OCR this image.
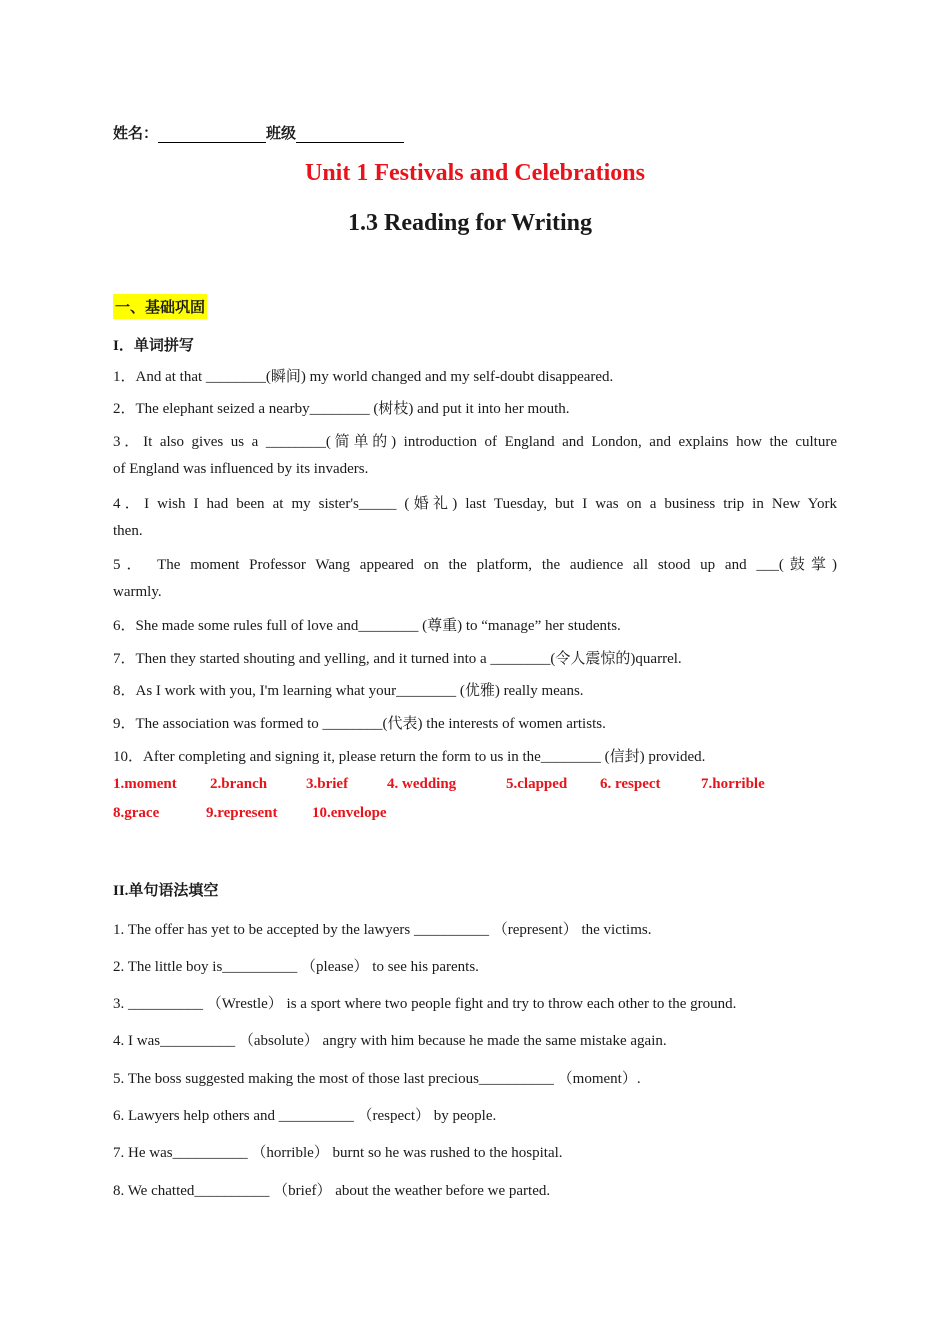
姓名：	班级
Unit 1 Festivals and Celebrations
1.3 Reading for Writing
一、基础巩固
I．单词拼写
1．And at that ________(瞬间) my world changed and my self-doubt disappeared.
2．The elephant seized a nearby________ (树枝) and put it into her mouth.
3．It also gives us a ________(简单的) introduction of England and London, and explains how the culture
of England was influenced by its invaders.
4．I wish I had been at my sister's_____ (婚礼) last Tuesday, but I was on a business trip in New York
then.
5． The moment Professor Wang appeared on the platform, the audience all stood up and ___(鼓掌)
warmly.
6．She made some rules full of love and________ (尊重) to “manage” her students.
7．Then they started shouting and yelling, and it turned into a ________(令人震惊的)quarrel.
8．As I work with you, I'm learning what your________ (优雅) really means.
9．The association was formed to ________(代表) the interests of women artists.
10．After completing and signing it, please return the form to us in the________ (信封) provided.
1.moment 2.branch	3.brief	4. wedding	5.clapped 6. respect	7.horrible
8.grace	9.represent 10.envelope
II.单句语法填空
1. The offer has yet to be accepted by the lawyers __________ （represent） the victims.
2. The little boy is__________ （please） to see his parents.
3. __________ （Wrestle） is a sport where two people fight and try to throw each other to the ground.
4. I was__________ （absolute） angry with him because he made the same mistake again.
5. The boss suggested making the most of those last precious__________ （moment）.
6. Lawyers help others and __________ （respect） by people.
7. He was__________ （horrible） burnt so he was rushed to the hospital.
8. We chatted__________ （brief） about the weather before we parted.
